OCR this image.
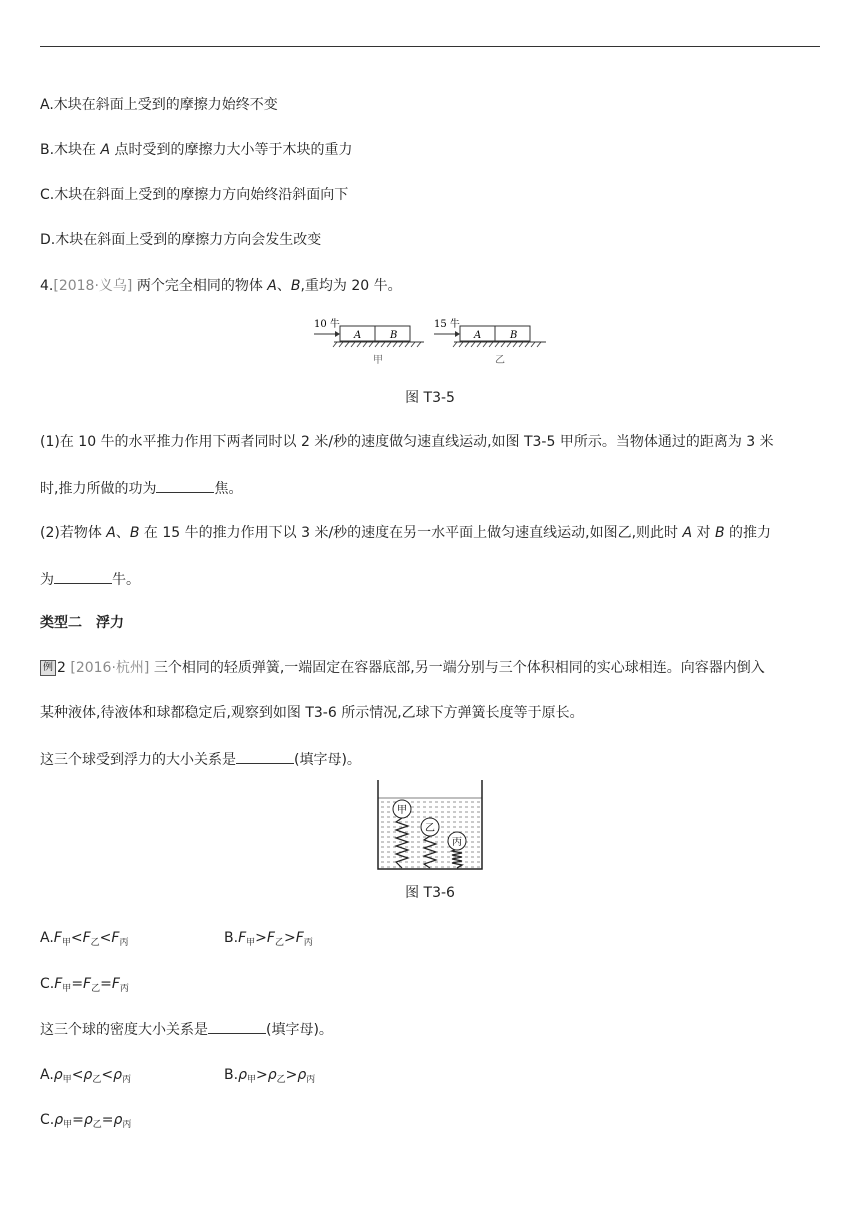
A.木块在斜面上受到的摩擦力始终不变
B.木块在 A 点时受到的摩擦力大小等于木块的重力
C.木块在斜面上受到的摩擦力方向始终沿斜面向下
D.木块在斜面上受到的摩擦力方向会发生改变
4.[2018·义乌] 两个完全相同的物体 A、B,重均为 20 牛。
10 牛
A	B
甲
15 牛
A	B
乙
图 T3-5
(1)在 10 牛的水平推力作用下两者同时以 2 米/秒的速度做匀速直线运动,如图 T3-5 甲所示。当物体通过的距离为 3 米
时,推力所做的功为	焦。
(2)若物体 A、B 在 15 牛的推力作用下以 3 米/秒的速度在另一水平面上做匀速直线运动,如图乙,则此时 A 对 B 的推力
为	牛。
类型二　浮力
例 2 [2016·杭州] 三个相同的轻质弹簧,一端固定在容器底部,另一端分别与三个体积相同的实心球相连。向容器内倒入
某种液体,待液体和球都稳定后,观察到如图 T3-6 所示情况,乙球下方弹簧长度等于原长。
这三个球受到浮力的大小关系是	(填字母)。
甲
乙
丙
图 T3-6
$A.F_甲<F_乙<F_丙$	$B.F_甲>F_乙>F_丙$
$C.F_甲=F_乙=F_丙$
这三个球的密度大小关系是	(填字母)。
$A.\rho_甲<\rho_乙<\rho_丙$	$B.\rho_甲>\rho_乙>\rho_丙$
$C.\rho_甲=\rho_乙=\rho_丙$
